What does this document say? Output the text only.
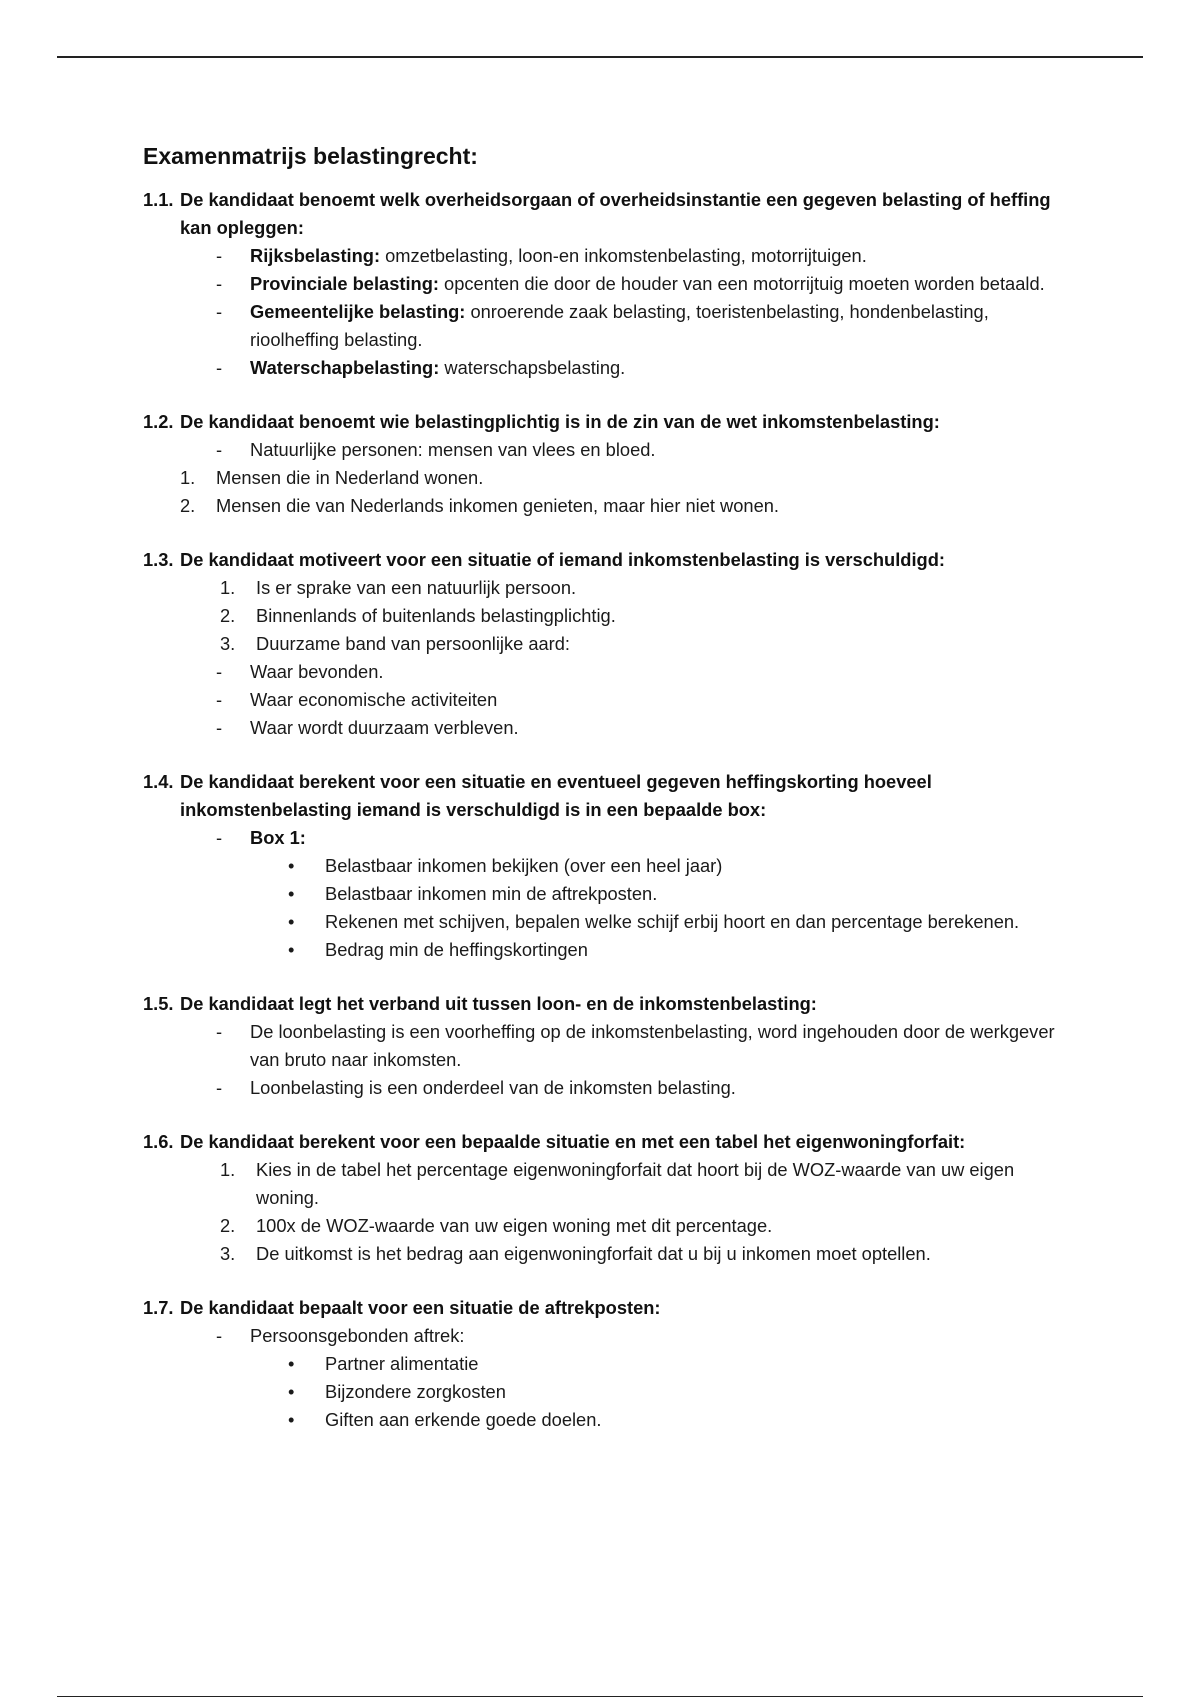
Examenmatrijs belastingrecht:
1.1. De kandidaat benoemt welk overheidsorgaan of overheidsinstantie een gegeven belasting of heffing kan opleggen:
-	Rijksbelasting: omzetbelasting, loon-en inkomstenbelasting, motorrijtuigen.
-	Provinciale belasting: opcenten die door de houder van een motorrijtuig moeten worden betaald.
-	Gemeentelijke belasting: onroerende zaak belasting, toeristenbelasting, hondenbelasting, rioolheffing belasting.
-	Waterschapbelasting: waterschapsbelasting.
1.2. De kandidaat benoemt wie belastingplichtig is in de zin van de wet inkomstenbelasting:
-	Natuurlijke personen: mensen van vlees en bloed.
1.	Mensen die in Nederland wonen.
2.	Mensen die van Nederlands inkomen genieten, maar hier niet wonen.
1.3. De kandidaat motiveert voor een situatie of iemand inkomstenbelasting is verschuldigd:
1.	Is er sprake van een natuurlijk persoon.
2.	Binnenlands of buitenlands belastingplichtig.
3.	Duurzame band van persoonlijke aard:
-	Waar bevonden.
-	Waar economische activiteiten
-	Waar wordt duurzaam verbleven.
1.4. De kandidaat berekent voor een situatie en eventueel gegeven heffingskorting hoeveel inkomstenbelasting iemand is verschuldigd is in een bepaalde box:
-	Box 1:
•	Belastbaar inkomen bekijken (over een heel jaar)
•	Belastbaar inkomen min de aftrekposten.
•	Rekenen met schijven, bepalen welke schijf erbij hoort en dan percentage berekenen.
•	Bedrag min de heffingskortingen
1.5. De kandidaat legt het verband uit tussen loon- en de inkomstenbelasting:
-	De loonbelasting is een voorheffing op de inkomstenbelasting, word ingehouden door de werkgever van bruto naar inkomsten.
-	Loonbelasting is een onderdeel van de inkomsten belasting.
1.6. De kandidaat berekent voor een bepaalde situatie en met een tabel het eigenwoningforfait:
1.	Kies in de tabel het percentage eigenwoningforfait dat hoort bij de WOZ-waarde van uw eigen woning.
2.	100x de WOZ-waarde van uw eigen woning met dit percentage.
3.	De uitkomst is het bedrag aan eigenwoningforfait dat u bij u inkomen moet optellen.
1.7. De kandidaat bepaalt voor een situatie de aftrekposten:
-	Persoonsgebonden aftrek:
•	Partner alimentatie
•	Bijzondere zorgkosten
•	Giften aan erkende goede doelen.
